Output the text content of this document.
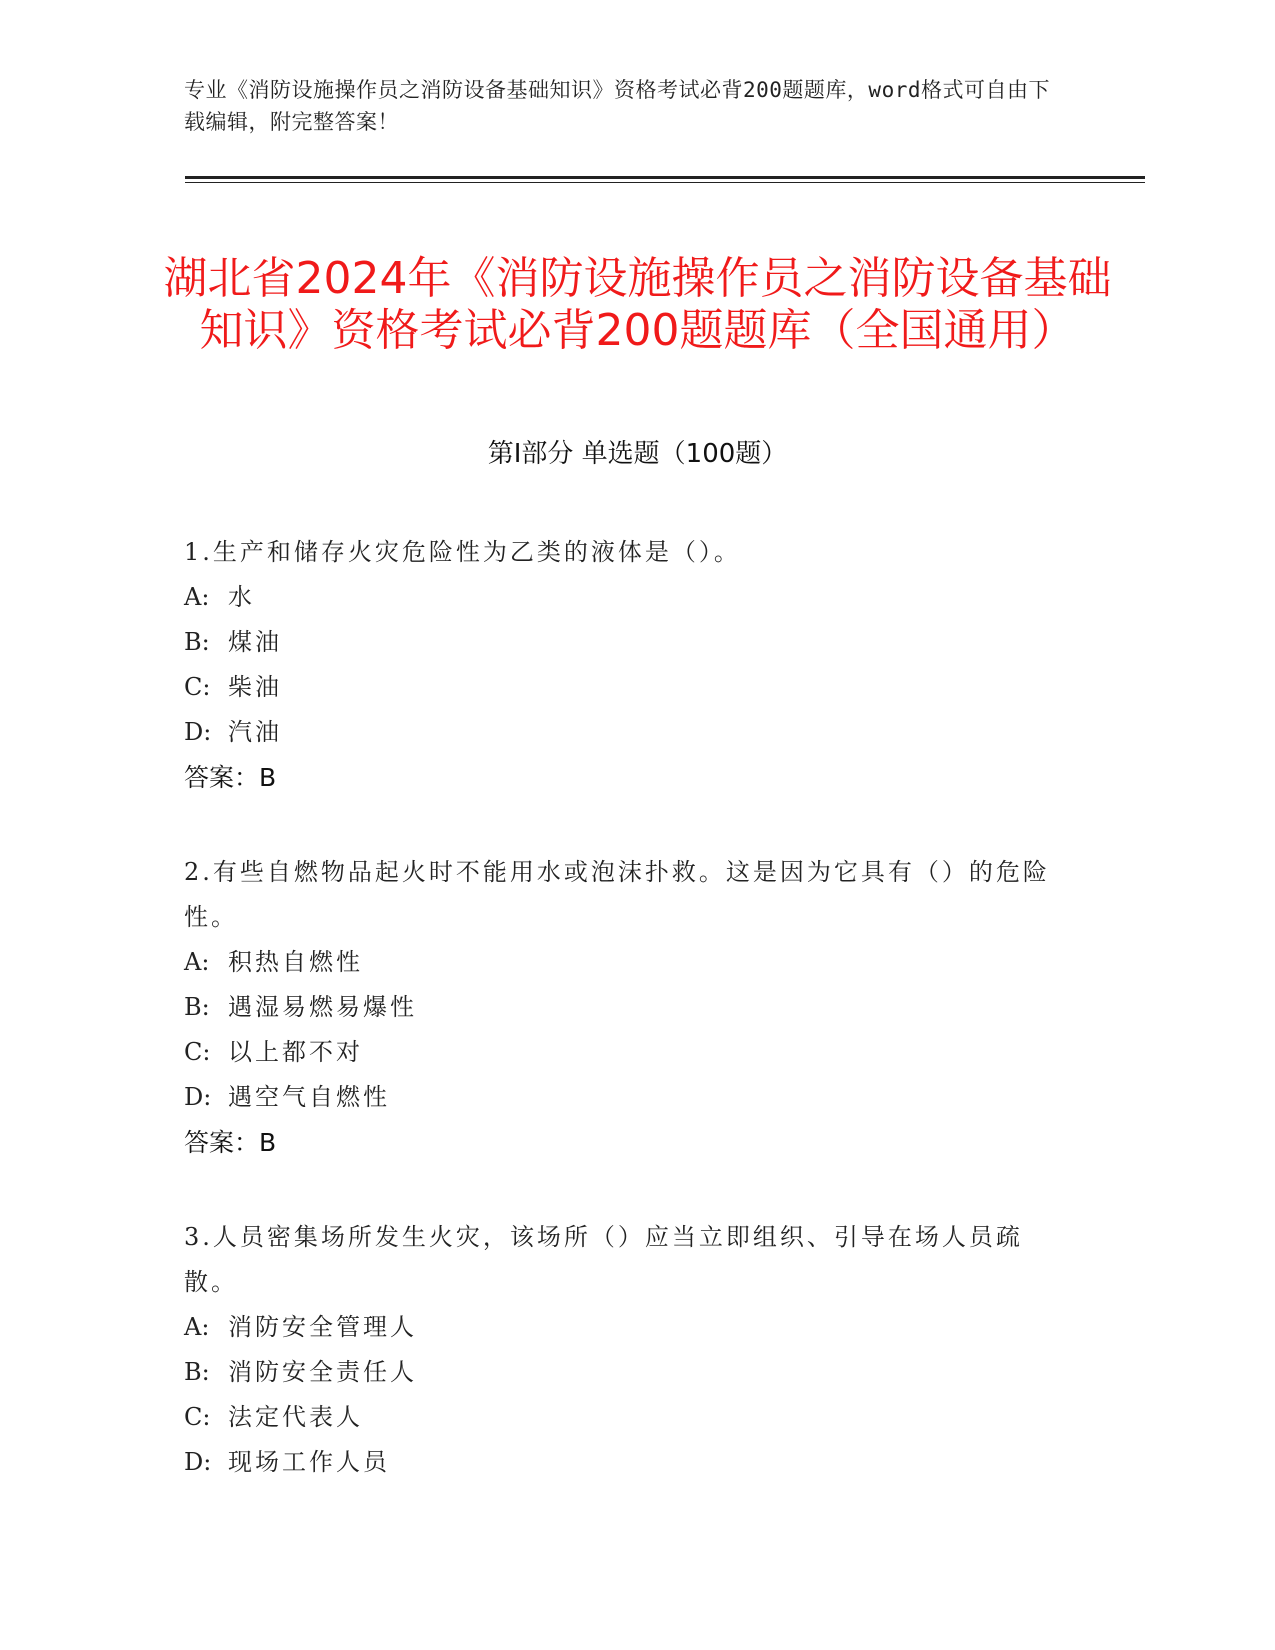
专业《消防设施操作员之消防设备基础知识》资格考试必背200题题库，word格式可自由下载编辑，附完整答案！
湖北省2024年《消防设施操作员之消防设备基础知识》资格考试必背200题题库（全国通用）
第I部分 单选题（100题）
1.生产和储存火灾危险性为乙类的液体是（）。
A: 水
B: 煤油
C: 柴油
D: 汽油
答案：B
2.有些自燃物品起火时不能用水或泡沫扑救。这是因为它具有（）的危险性。
A: 积热自燃性
B: 遇湿易燃易爆性
C: 以上都不对
D: 遇空气自燃性
答案：B
3.人员密集场所发生火灾，该场所（）应当立即组织、引导在场人员疏散。
A: 消防安全管理人
B: 消防安全责任人
C: 法定代表人
D: 现场工作人员
